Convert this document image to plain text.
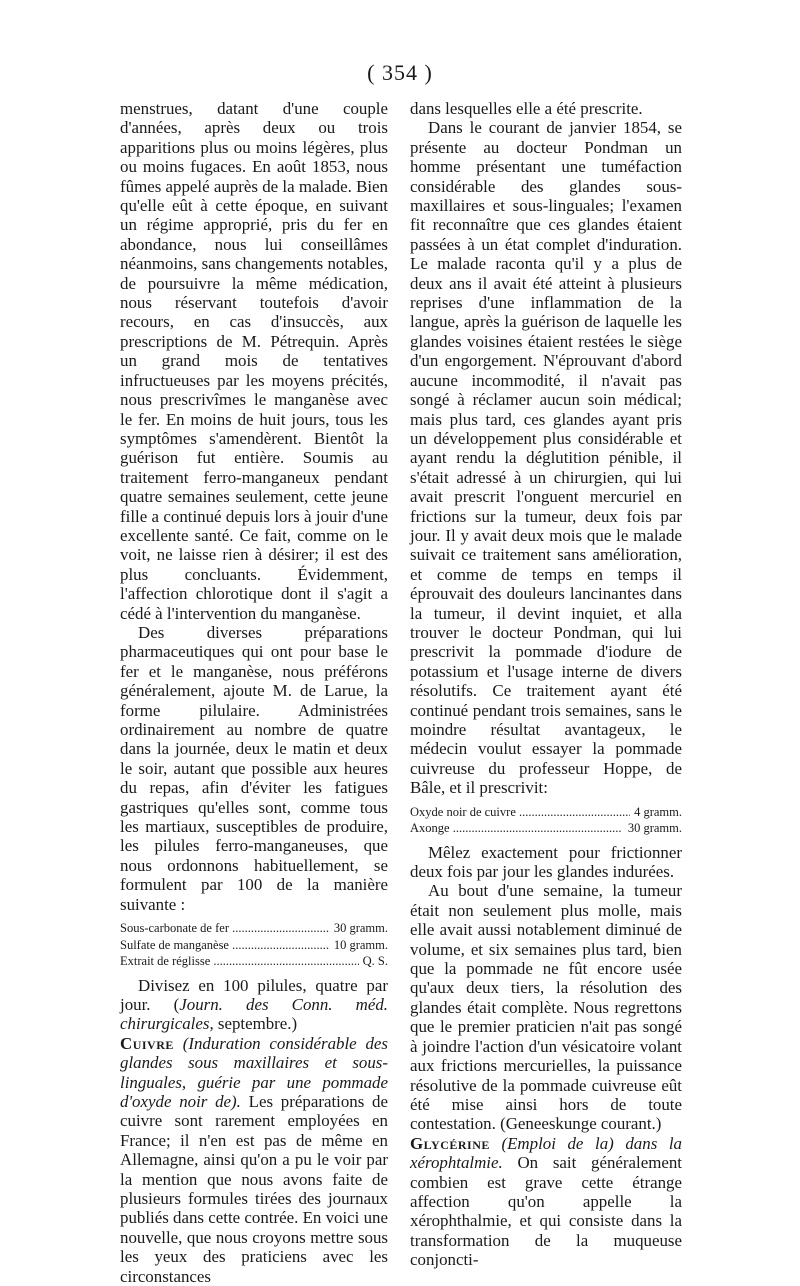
( 354 )

menstrues, datant d'une couple d'années, après deux ou trois apparitions plus ou moins légères, plus ou moins fugaces. En août 1853, nous fûmes appelé auprès de la malade. Bien qu'elle eût à cette époque, en suivant un régime approprié, pris du fer en abondance, nous lui conseillâmes néanmoins, sans changements notables, de poursuivre la même médication, nous réservant toutefois d'avoir recours, en cas d'insuccès, aux prescriptions de M. Pétrequin. Après un grand mois de tentatives infructueuses par les moyens précités, nous prescrivîmes le manganèse avec le fer. En moins de huit jours, tous les symptômes s'amendèrent. Bientôt la guérison fut entière. Soumis au traitement ferro-manganeux pendant quatre semaines seulement, cette jeune fille a continué depuis lors à jouir d'une excellente santé. Ce fait, comme on le voit, ne laisse rien à désirer; il est des plus concluants. Évidemment, l'affection chlorotique dont il s'agit a cédé à l'intervention du manganèse.

Des diverses préparations pharmaceutiques qui ont pour base le fer et le manganèse, nous préférons généralement, ajoute M. de Larue, la forme pilulaire. Administrées ordinairement au nombre de quatre dans la journée, deux le matin et deux le soir, autant que possible aux heures du repas, afin d'éviter les fatigues gastriques qu'elles sont, comme tous les martiaux, susceptibles de produire, les pilules ferro-manganeuses, que nous ordonnons habituellement, se formulent par 100 de la manière suivante :

Sous-carbonate de fer .....	30 gramm.
Sulfate de manganèse .....	10 gramm.
Extrait de réglisse .....	Q. S.

Divisez en 100 pilules, quatre par jour. (Journ. des Conn. méd. chirurgicales, septembre.)

Cuivre (Induration considérable des glandes sous maxillaires et sous-linguales, guérie par une pommade d'oxyde noir de). Les préparations de cuivre sont rarement employées en France; il n'en est pas de même en Allemagne, ainsi qu'on a pu le voir par la mention que nous avons faite de plusieurs formules tirées des journaux publiés dans cette contrée. En voici une nouvelle, que nous croyons mettre sous les yeux des praticiens avec les circonstances

dans lesquelles elle a été prescrite.

Dans le courant de janvier 1854, se présente au docteur Pondman un homme présentant une tuméfaction considérable des glandes sous-maxillaires et sous-linguales; l'examen fit reconnaître que ces glandes étaient passées à un état complet d'induration. Le malade raconta qu'il y a plus de deux ans il avait été atteint à plusieurs reprises d'une inflammation de la langue, après la guérison de laquelle les glandes voisines étaient restées le siège d'un engorgement. N'éprouvant d'abord aucune incommodité, il n'avait pas songé à réclamer aucun soin médical; mais plus tard, ces glandes ayant pris un développement plus considérable et ayant rendu la déglutition pénible, il s'était adressé à un chirurgien, qui lui avait prescrit l'onguent mercuriel en frictions sur la tumeur, deux fois par jour. Il y avait deux mois que le malade suivait ce traitement sans amélioration, et comme de temps en temps il éprouvait des douleurs lancinantes dans la tumeur, il devint inquiet, et alla trouver le docteur Pondman, qui lui prescrivit la pommade d'iodure de potassium et l'usage interne de divers résolutifs. Ce traitement ayant été continué pendant trois semaines, sans le moindre résultat avantageux, le médecin voulut essayer la pommade cuivreuse du professeur Hoppe, de Bâle, et il prescrivit:

Oxyde noir de cuivre .....	4 gramm.
Axonge .....	30 gramm.

Mêlez exactement pour frictionner deux fois par jour les glandes indurées.

Au bout d'une semaine, la tumeur était non seulement plus molle, mais elle avait aussi notablement diminué de volume, et six semaines plus tard, bien que la pommade ne fût encore usée qu'aux deux tiers, la résolution des glandes était complète. Nous regrettons que le premier praticien n'ait pas songé à joindre l'action d'un vésicatoire volant aux frictions mercurielles, la puissance résolutive de la pommade cuivreuse eût été mise ainsi hors de toute contestation. (Geneeskunge courant.)

Glycérine (Emploi de la) dans la xérophtalmie. On sait généralement combien est grave cette étrange affection qu'on appelle la xérophthalmie, et qui consiste dans la transformation de la muqueuse conjoncti-
